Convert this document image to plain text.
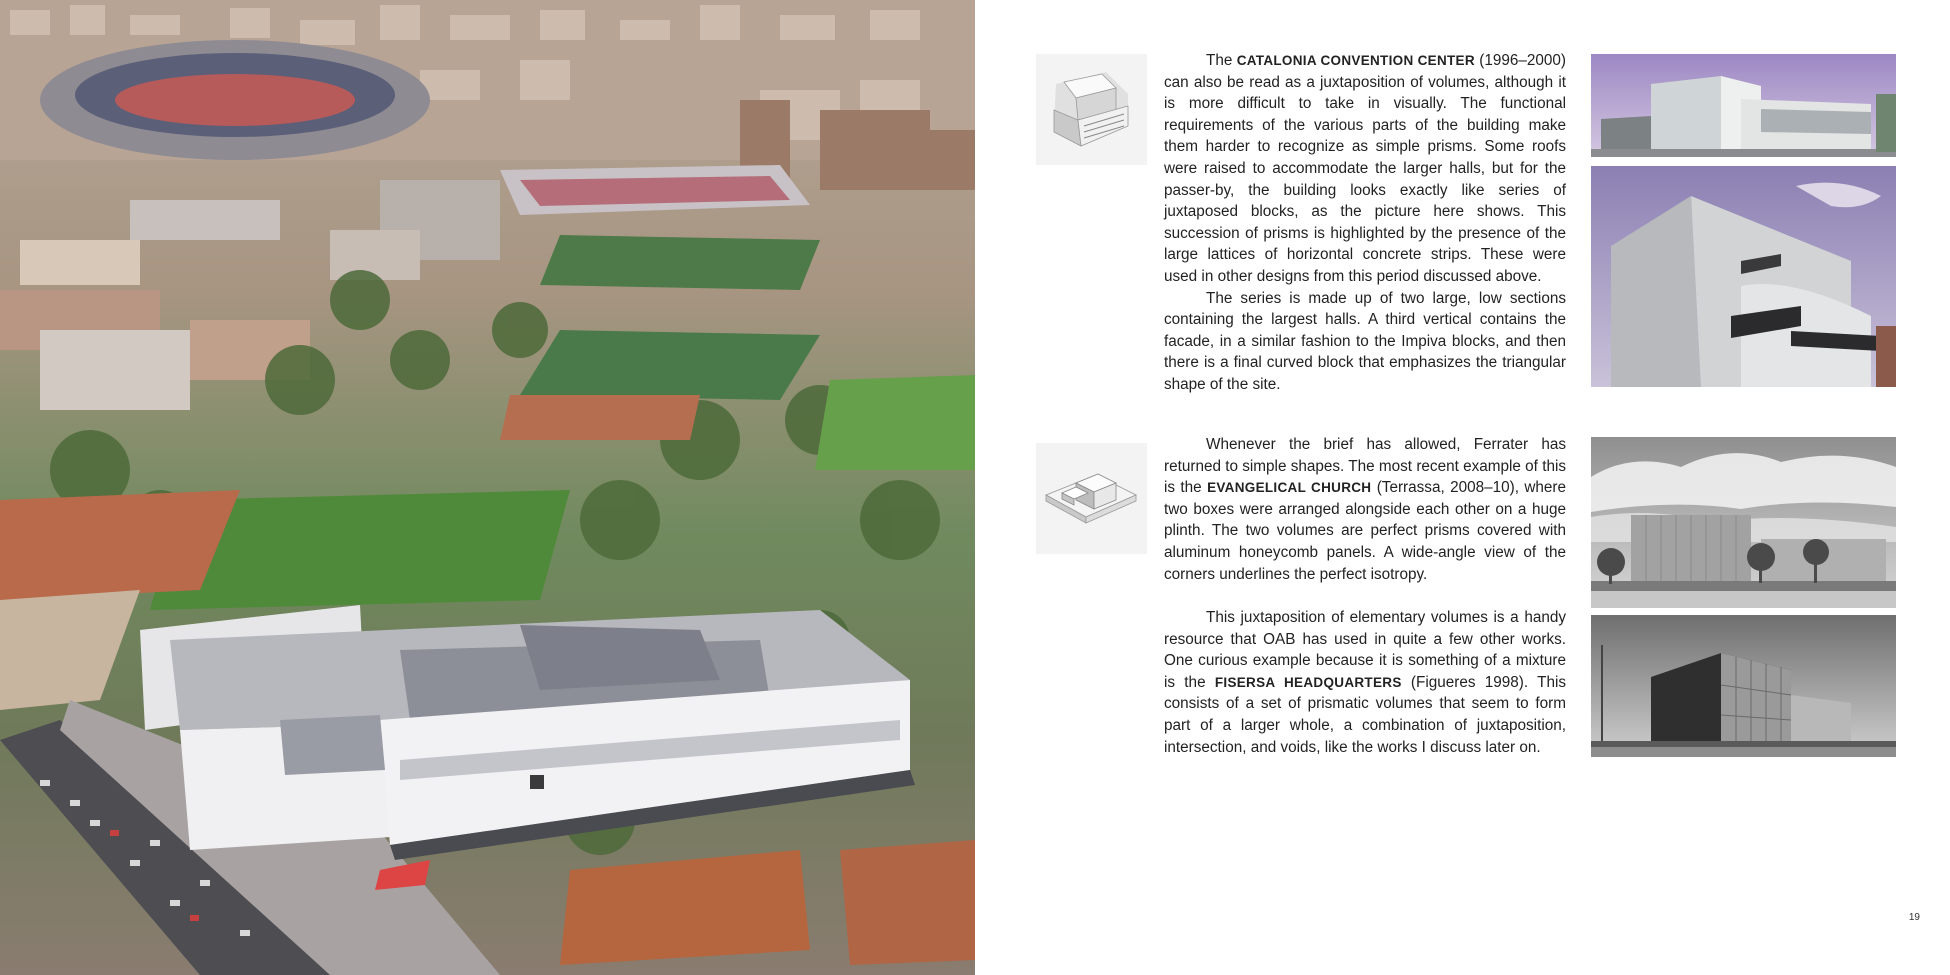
The CATALONIA CONVENTION CENTER (1996–2000) can also be read as a juxtaposition of volumes, although it is more difficult to take in visually. The functional requirements of the various parts of the building make them harder to recognize as simple prisms. Some roofs were raised to accommodate the larger halls, but for the passer-by, the building looks exactly like series of juxtaposed blocks, as the picture here shows. This succession of prisms is highlighted by the presence of the large lattices of horizontal concrete strips. These were used in other designs from this period discussed above.

The series is made up of two large, low sections containing the largest halls. A third vertical contains the facade, in a similar fashion to the Impiva blocks, and then there is a final curved block that emphasizes the triangular shape of the site.

Whenever the brief has allowed, Ferrater has returned to simple shapes. The most recent example of this is the EVANGELICAL CHURCH (Terrassa, 2008–10), where two boxes were arranged alongside each other on a huge plinth. The two volumes are perfect prisms covered with aluminum honeycomb panels. A wide-angle view of the corners underlines the perfect isotropy.

This juxtaposition of elementary volumes is a handy resource that OAB has used in quite a few other works. One curious example because it is something of a mixture is the FISERSA HEADQUARTERS (Figueres 1998). This consists of a set of prismatic volumes that seem to form part of a larger whole, a combination of juxtaposition, intersection, and voids, like the works I discuss later on.

19
